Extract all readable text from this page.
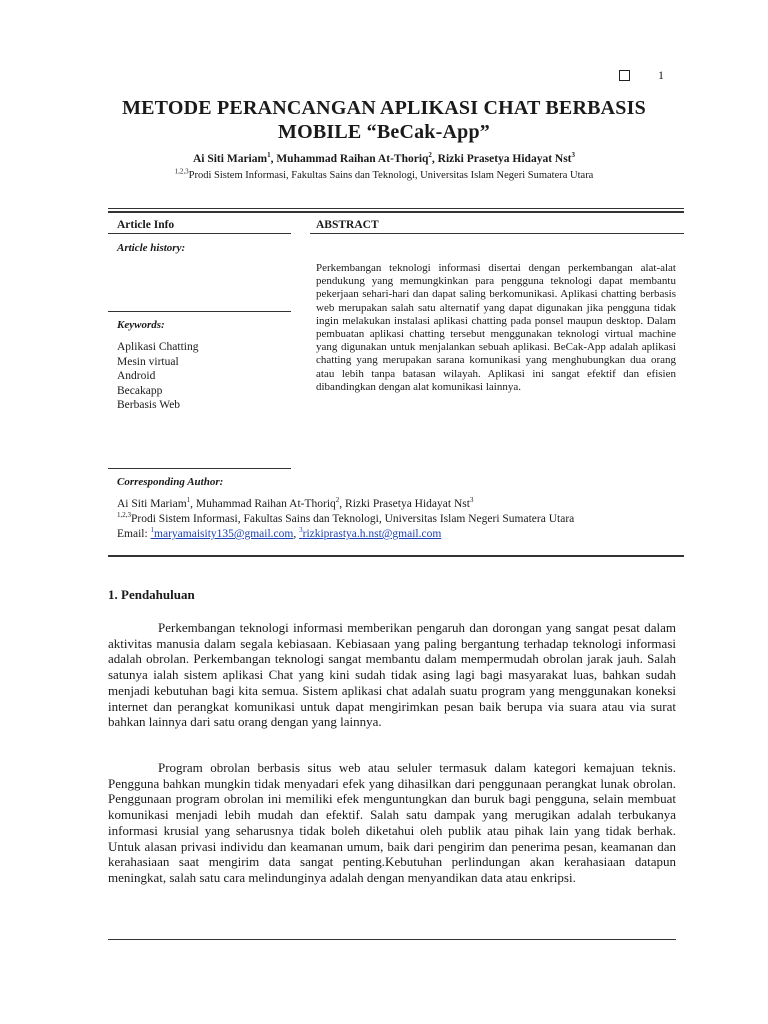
1
METODE PERANCANGAN APLIKASI CHAT BERBASIS
MOBILE “BeCak-App”
Ai Siti Mariam$^1$, Muhammad Raihan At-Thoriq$^2$, Rizki Prasetya Hidayat Nst$^3$
$^{1,2,3}$Prodi Sistem Informasi, Fakultas Sains dan Teknologi, Universitas Islam Negeri Sumatera Utara
Article Info
Article history:
Keywords:
Aplikasi Chatting
Mesin virtual
Android
Becakapp
Berbasis Web
ABSTRACT
Perkembangan teknologi informasi disertai dengan perkembangan alat-alat pendukung yang memungkinkan para pengguna teknologi dapat membantu pekerjaan sehari-hari dan dapat saling berkomunikasi. Aplikasi chatting berbasis web merupakan salah satu alternatif yang dapat digunakan jika pengguna tidak ingin melakukan instalasi aplikasi chatting pada ponsel maupun desktop. Dalam pembuatan aplikasi chatting tersebut menggunakan teknologi virtual machine yang digunakan untuk menjalankan sebuah aplikasi. BeCak-App adalah aplikasi chatting yang merupakan sarana komunikasi yang menghubungkan dua orang atau lebih tanpa batasan wilayah. Aplikasi ini sangat efektif dan efisien dibandingkan dengan alat komunikasi lainnya.
Corresponding Author:
Ai Siti Mariam$^1$, Muhammad Raihan At-Thoriq$^2$, Rizki Prasetya Hidayat Nst$^3$
$^{1,2,3}$Prodi Sistem Informasi, Fakultas Sains dan Teknologi, Universitas Islam Negeri Sumatera Utara
Email: $^1$maryamaisity135@gmail.com, $^3$rizkiprastya.h.nst@gmail.com
1. Pendahuluan
Perkembangan teknologi informasi memberikan pengaruh dan dorongan yang sangat pesat dalam aktivitas manusia dalam segala kebiasaan. Kebiasaan yang paling bergantung terhadap teknologi informasi adalah obrolan. Perkembangan teknologi sangat membantu dalam mempermudah obrolan jarak jauh. Salah satunya ialah sistem aplikasi Chat yang kini sudah tidak asing lagi bagi masyarakat luas, bahkan sudah menjadi kebutuhan bagi kita semua. Sistem aplikasi chat adalah suatu program yang menggunakan koneksi internet dan perangkat komunikasi untuk dapat mengirimkan pesan baik berupa via suara atau via surat bahkan lainnya dari satu orang dengan yang lainnya.
Program obrolan berbasis situs web atau seluler termasuk dalam kategori kemajuan teknis. Pengguna bahkan mungkin tidak menyadari efek yang dihasilkan dari penggunaan perangkat lunak obrolan. Penggunaan program obrolan ini memiliki efek menguntungkan dan buruk bagi pengguna, selain membuat komunikasi menjadi lebih mudah dan efektif. Salah satu dampak yang merugikan adalah terbukanya informasi krusial yang seharusnya tidak boleh diketahui oleh publik atau pihak lain yang tidak berhak. Untuk alasan privasi individu dan keamanan umum, baik dari pengirim dan penerima pesan, keamanan dan kerahasiaan saat mengirim data sangat penting.Kebutuhan perlindungan akan kerahasiaan datapun meningkat, salah satu cara melindunginya adalah dengan menyandikan data atau enkripsi.
